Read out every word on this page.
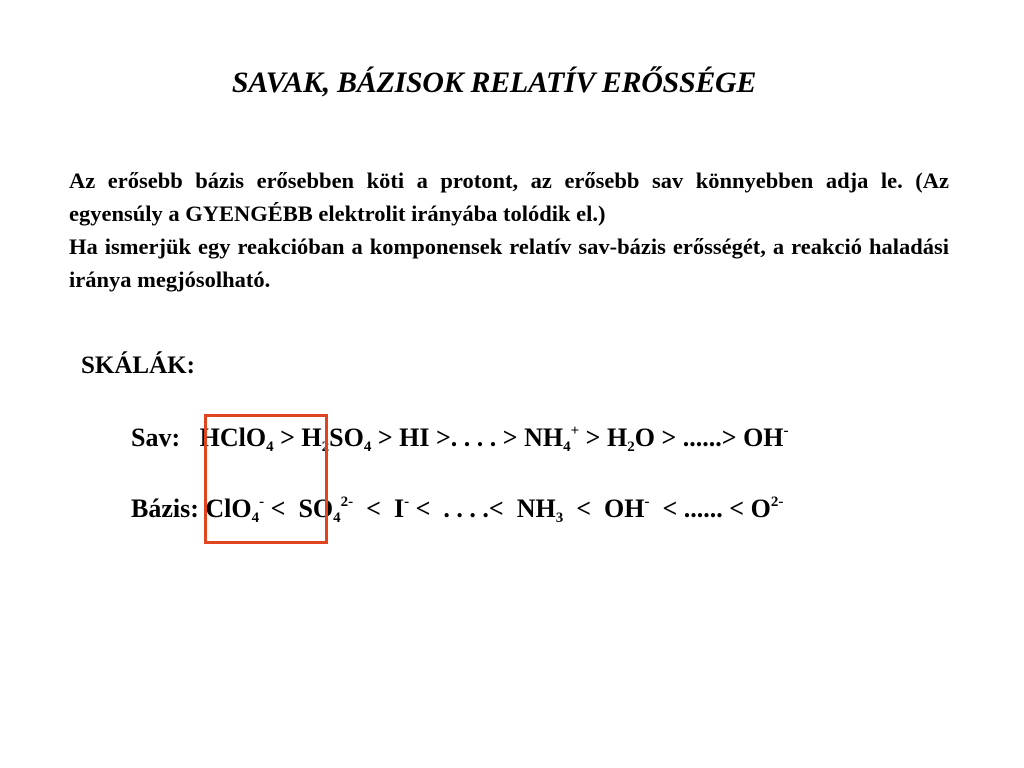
SAVAK, BÁZISOK RELATÍV ERŐSSÉGE

Az erősebb bázis erősebben köti a protont, az erősebb sav könnyebben adja le. (Az egyensúly a GYENGÉBB elektrolit irányába tolódik el.)

Ha ismerjük egy reakcióban a komponensek relatív sav-bázis erősségét, a reakció haladási iránya megjósolható.

SKÁLÁK:
Sav: HClO$_4$ > $H_2SO_4$ > HI >. . . . > $NH_4^+ > H_2O$ > ......> OH-
Bázis: $ClO_4^- < SO_4^{2-} < I^-$ <  . . . .<  $NH_3 < OH^-$  < ...... < $O^{2-}$
